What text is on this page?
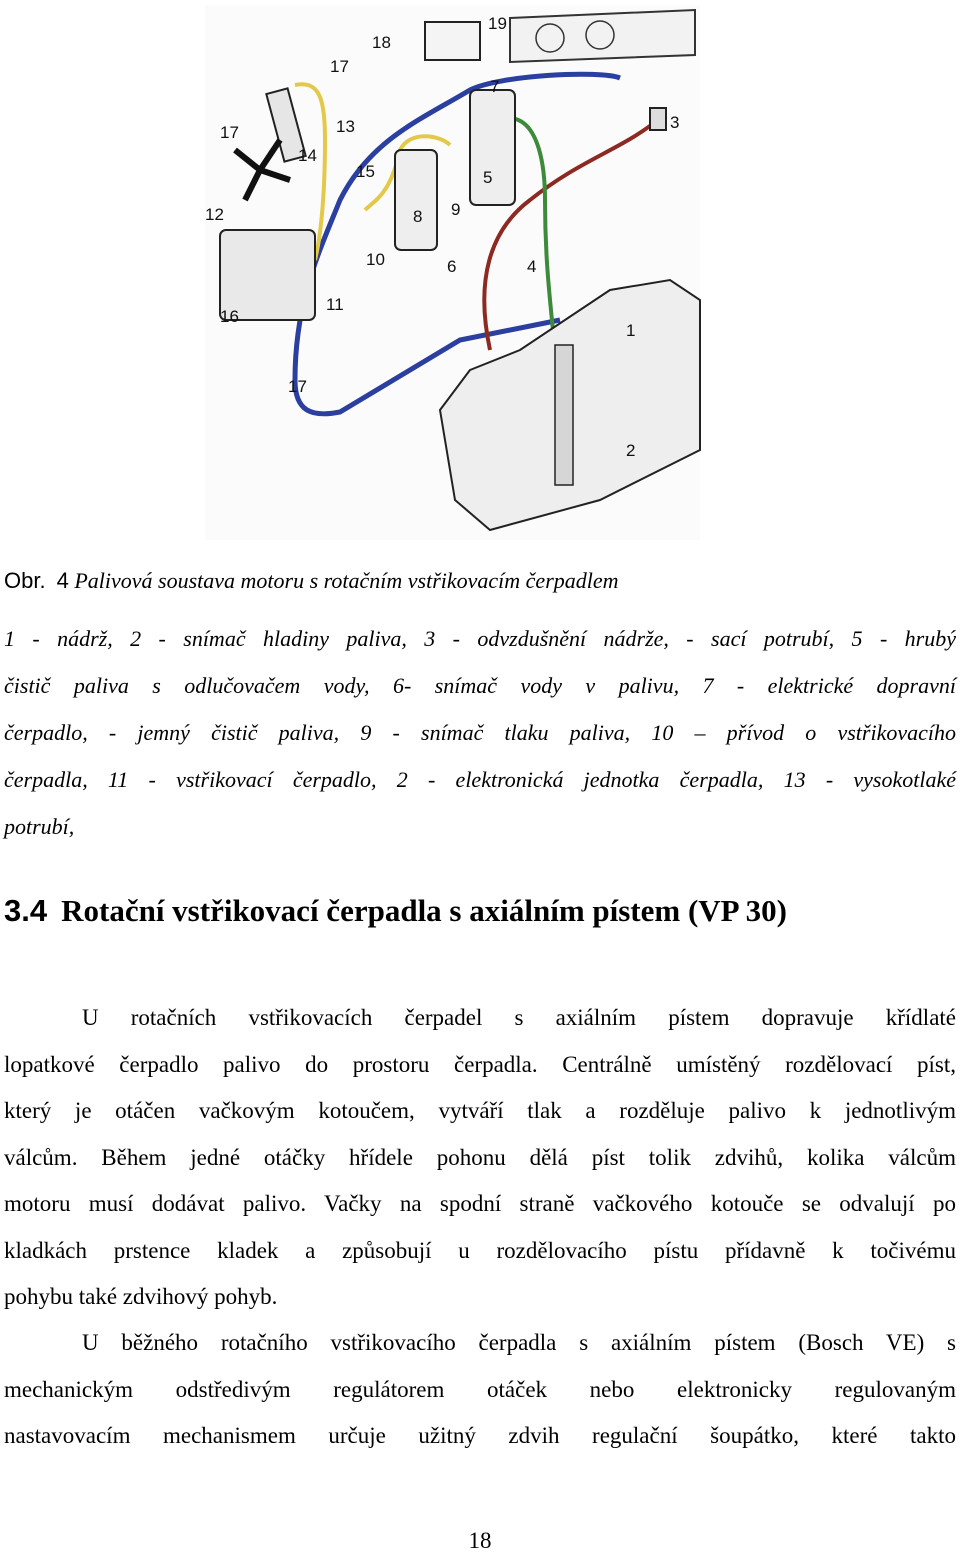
1
2
3
4
5
6
7
8 9
10
11
12
13
14
15
16
17
17
17
18
19
Obr. 4 Palivová soustava motoru s rotačním vstřikovacím čerpadlem

1 - nádrž, 2 - snímač hladiny paliva, 3 - odvzdušnění nádrže, - sací potrubí, 5 - hrubý

čistič paliva s odlučovačem vody, 6- snímač vody v palivu, 7 - elektrické dopravní

čerpadlo, - jemný čistič paliva, 9 - snímač tlaku paliva, 10 – přívod o vstřikovacího

čerpadla, 11 - vstřikovací čerpadlo, 2 - elektronická jednotka čerpadla, 13 - vysokotlaké

potrubí,

3.4 Rotační vstřikovací čerpadla s axiálním pístem (VP 30)

U rotačních vstřikovacích čerpadel s axiálním pístem dopravuje křídlaté

lopatkové čerpadlo palivo do prostoru čerpadla. Centrálně umístěný rozdělovací píst,

který je otáčen vačkovým kotoučem, vytváří tlak a rozděluje palivo k jednotlivým

válcům. Během jedné otáčky hřídele pohonu dělá píst tolik zdvihů, kolika válcům

motoru musí dodávat palivo. Vačky na spodní straně vačkového kotouče se odvalují po

kladkách prstence kladek a způsobují u rozdělovacího pístu přídavně k točivému

pohybu také zdvihový pohyb.

U běžného rotačního vstřikovacího čerpadla s axiálním pístem (Bosch VE) s

mechanickým odstředivým regulátorem otáček nebo elektronicky regulovaným

nastavovacím mechanismem určuje užitný zdvih regulační šoupátko, které takto

18
